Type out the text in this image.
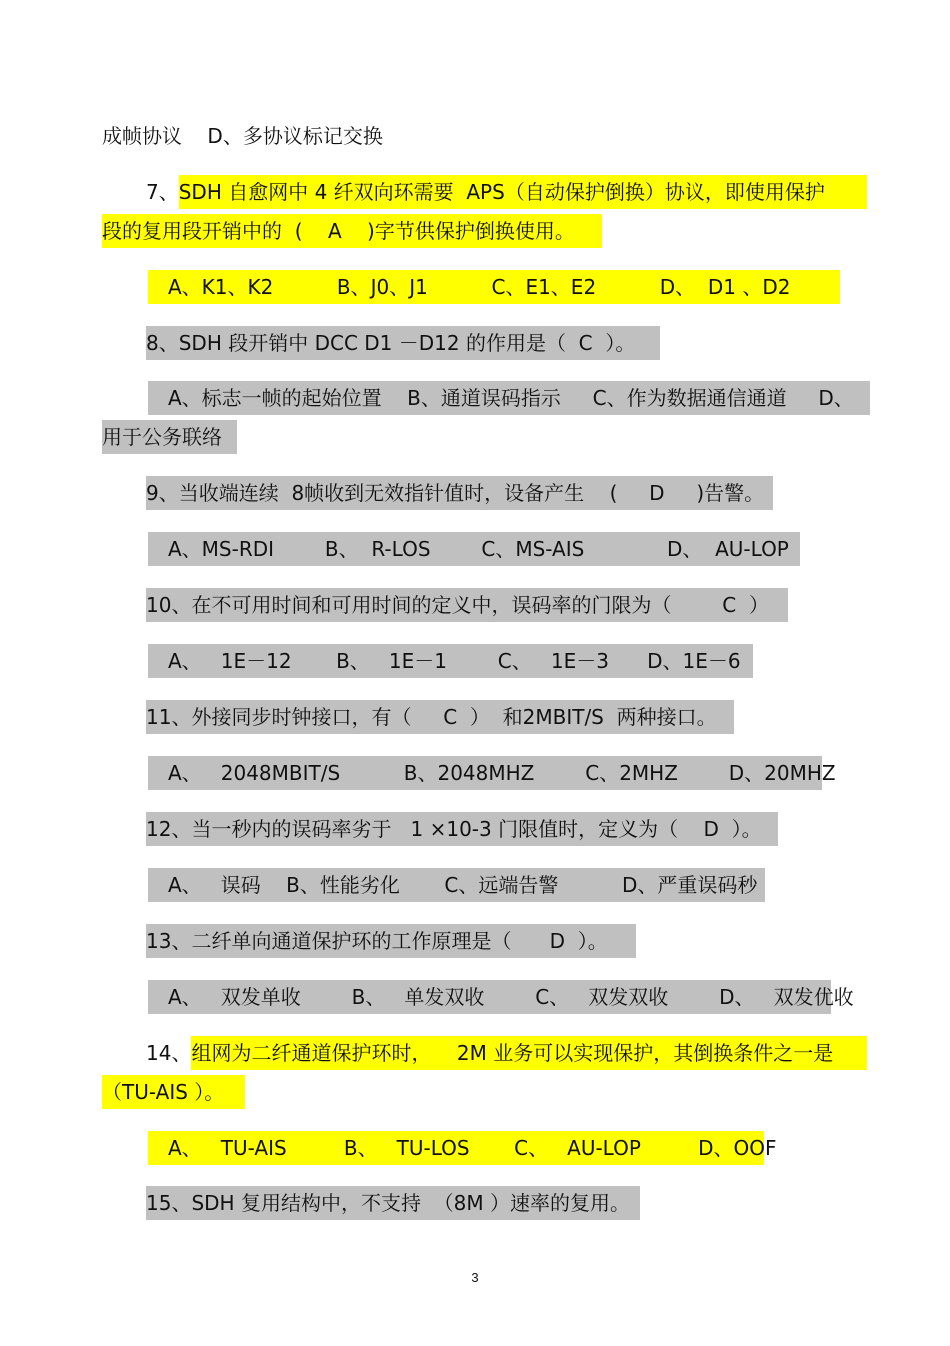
成帧协议    D、多协议标记交换
7、SDH 自愈网中 4 纤双向环需要  APS（自动保护倒换）协议，即使用保护
段的复用段开销中的  (    A    )字节供保护倒换使用。
A、K1、K2          B、J0、J1          C、E1、E2          D、  D1 、D2
8、SDH 段开销中 DCC D1 －D12 的作用是（  C  ）。
A、标志一帧的起始位置    B、通道误码指示     C、作为数据通信通道     D、
用于公务联络
9、当收端连续  8帧收到无效指针值时，设备产生    (     D     )告警。
A、MS-RDI        B、  R-LOS        C、MS-AIS             D、  AU-LOP
10、在不可用时间和可用时间的定义中，误码率的门限为（        C  ）
A、   1E－12       B、   1E－1        C、   1E－3      D、1E－6
11、外接同步时钟接口，有（     C  ）  和2MBIT/S  两种接口。
A、   2048MBIT/S          B、2048MHZ        C、2MHZ        D、20MHZ
12、当一秒内的误码率劣于   1 ×10-3 门限值时，定义为（    D  ）。
A、   误码    B、性能劣化       C、远端告警          D、严重误码秒
13、二纤单向通道保护环的工作原理是（      D  ）。
A、   双发单收        B、   单发双收        C、   双发双收        D、   双发优收
14、组网为二纤通道保护环时，    2M 业务可以实现保护，其倒换条件之一是
（TU-AIS ）。
A、   TU-AIS         B、   TU-LOS       C、   AU-LOP         D、OOF
15、SDH 复用结构中，不支持  （8M ）速率的复用。
3
